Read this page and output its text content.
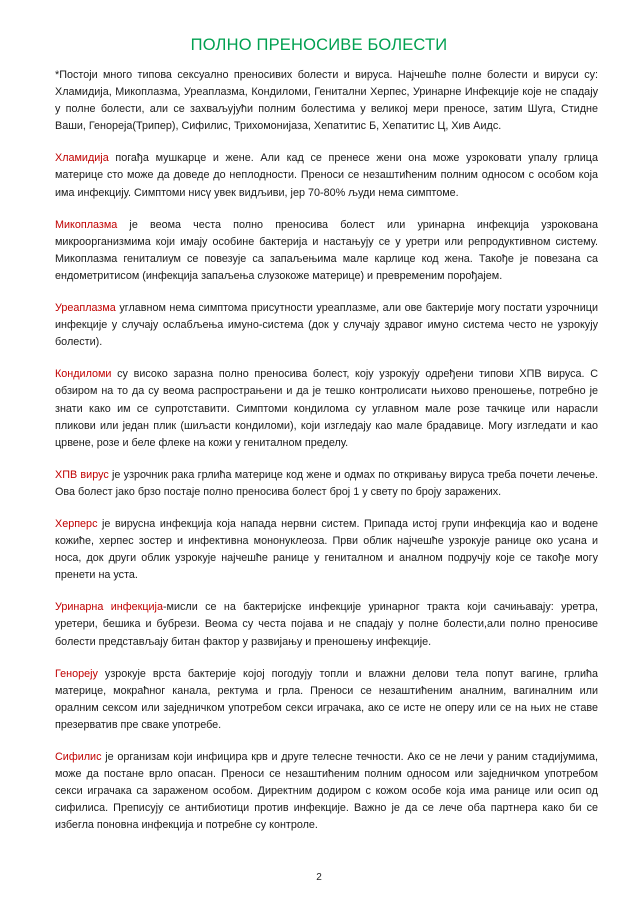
ПОЛНО ПРЕНОСИВЕ БОЛЕСТИ

*Постоји много типова сексуално преносивих болести и вируса. Најчешће полне болести и вируси су: Хламидија, Микоплазма, Уреаплазма, Кондиломи, Генитални Херпес, Уринарне Инфекције које не спадају у полне болести, али се захваљујући полним болестима у великој мери преносе, затим Шуга, Стидне Ваши, Генореја(Трипер), Сифилис, Трихомонијаза, Хепатитис Б, Хепатитис Ц, Хив Аидс.

Хламидија погађа мушкарце и жене. Али кад се пренесе жени она може узроковати упалу грлица материце сто може да доведе до неплодности. Преноси се незаштићеним полним односом с особом која има инфекцију. Симптоми нисү увек видљиви, јер 70-80% људи нема симптоме.

Микоплазма је веома честа полно преносива болест или уринарна инфекција узрокована микроорганизмима који имају особине бактерија и настањују се у уретри или репродуктивном систему. Микоплазма гениталиум се повезује са запаљењима мале карлице код жена. Такође је повезана са ендометритисом (инфекција запаљења слузокоже материце) и превременим порођајем.

Уреаплазма углавном нема симптома присутности уреаплазме, али ове бактерије могу постати узрочници инфекције у случају ослабљења имуно-система (док у случају здравог имуно система често не узрокују болести).

Кондиломи су високо заразна полно преносива болест, коју узрокују одређени типови ХПВ вируса. С обзиром на то да су веома распрострањени и да је тешко контролисати њихово преношење, потребно је знати како им се супротставити. Симптоми кондилома су углавном мале розе тачкице или нарасли пликови или један плик (шиљасти кондиломи), који изгледају као мале брадавице. Могу изгледати и као црвене, розе и беле флеке на кожи у гениталном пределу.

ХПВ вирус је узрочник рака грлића материце код жене и одмах по откривању вируса треба почети лечење. Ова болест јако брзо постаје полно преносива болест број 1 у свету по броју заражених.

Херперс је вирусна инфекција која напада нервни систем. Припада истој групи инфекција као и водене кожиће, херпес зостер и инфективна мононуклеоза. Први облик најчешће узрокује ранице око усана и носа, док други облик узрокује најчешће ранице у гениталном и аналном подручју које се такође могу пренети на уста.

Уринарна инфекција-мисли се на бактеријске инфекције уринарног тракта који сачињавају: уретра, уретери, бешика и бубрези. Веома су честа појава и не спадају у полне болести,али полно преносиве болести представљају битан фактор у развијању и преношењу инфекције.

Генореју узрокује врста бактерије којој погодују топли и влажни делови тела попут вагине, грлића материце, мокраћног канала, ректума и грла. Преноси се незаштићеним аналним, вагиналним или оралним сексом или заједничком употребом секси играчака, ако се исте не оперу или се на њих не ставе презерватив пре сваке употребе.

Сифилис је организам који инфицира крв и друге телесне течности. Ако се не лечи у раним стадијумима, може да постане врло опасан. Преноси се незаштићеним полним односом или заједничком употребом секси играчака са зараженом особом. Директним додиром с кожом особе која има ранице или осип од сифилиса. Преписују се антибиотици против инфекције. Важно је да се лече оба партнера како би се избегла поновна инфекција и потребне су контроле.

2
